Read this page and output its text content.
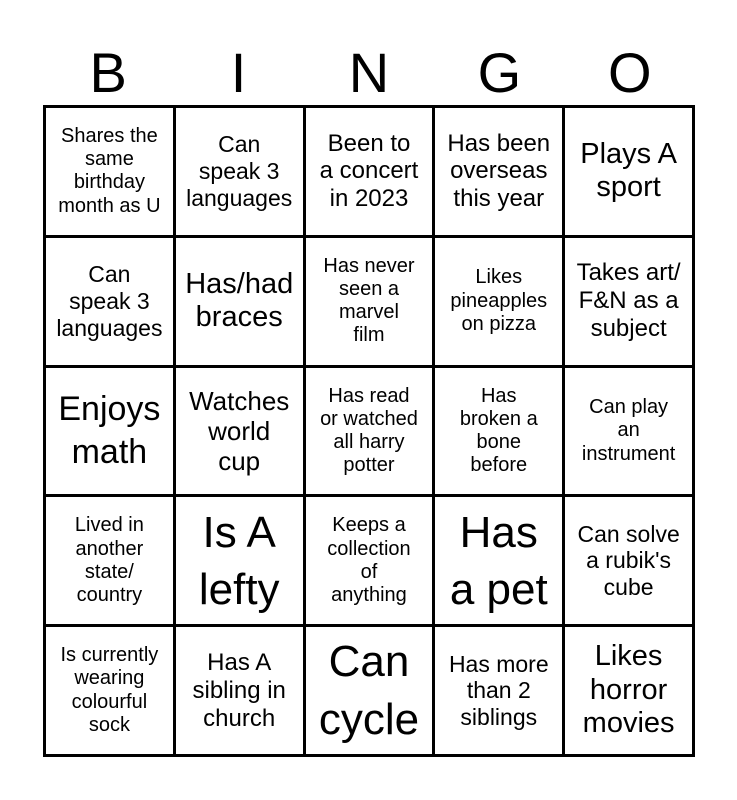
B	I	N	G	O
Shares the
same
birthday
month as U
Can
speak 3
languages
Been to
a concert
in 2023
Has been
overseas
this year
Plays A
sport
Can
speak 3
languages
Has/had
braces
Has never
seen a
marvel
film
Likes
pineapples
on pizza
Takes art/
F&N as a
subject
Enjoys
math
Watches
world
cup
Has read
or watched
all harry
potter
Has
broken a
bone
before
Can play
an
instrument
Lived in
another
state/
country
Is A
lefty
Keeps a
collection
of
anything
Has
a pet
Can solve
a rubik's
cube
Is currently
wearing
colourful
sock
Has A
sibling in
church
Can
cycle
Has more
than 2
siblings
Likes
horror
movies
